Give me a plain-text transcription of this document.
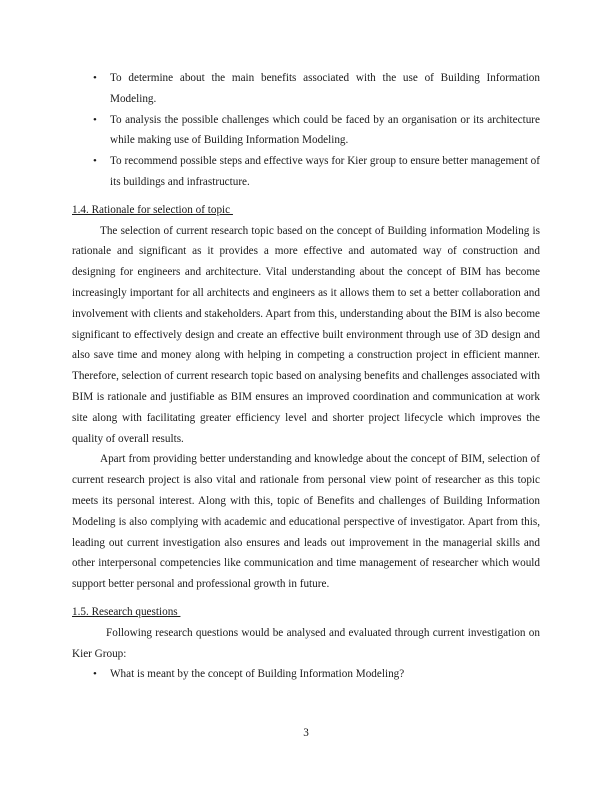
• To determine about the main benefits associated with the use of Building Information Modeling.
• To analysis the possible challenges which could be faced by an organisation or its architecture while making use of Building Information Modeling.
• To recommend possible steps and effective ways for Kier group to ensure better management of its buildings and infrastructure.
1.4. Rationale for selection of topic

The selection of current research topic based on the concept of Building information Modeling is rationale and significant as it provides a more effective and automated way of construction and designing for engineers and architecture. Vital understanding about the concept of BIM has become increasingly important for all architects and engineers as it allows them to set a better collaboration and involvement with clients and stakeholders. Apart from this, understanding about the BIM is also become significant to effectively design and create an effective built environment through use of 3D design and also save time and money along with helping in competing a construction project in efficient manner. Therefore, selection of current research topic based on analysing benefits and challenges associated with BIM is rationale and justifiable as BIM ensures an improved coordination and communication at work site along with facilitating greater efficiency level and shorter project lifecycle which improves the quality of overall results.

Apart from providing better understanding and knowledge about the concept of BIM, selection of current research project is also vital and rationale from personal view point of researcher as this topic meets its personal interest. Along with this, topic of Benefits and challenges of Building Information Modeling is also complying with academic and educational perspective of investigator. Apart from this, leading out current investigation also ensures and leads out improvement in the managerial skills and other interpersonal competencies like communication and time management of researcher which would support better personal and professional growth in future.

1.5. Research questions

Following research questions would be analysed and evaluated through current investigation on Kier Group:

• What is meant by the concept of Building Information Modeling?
3
